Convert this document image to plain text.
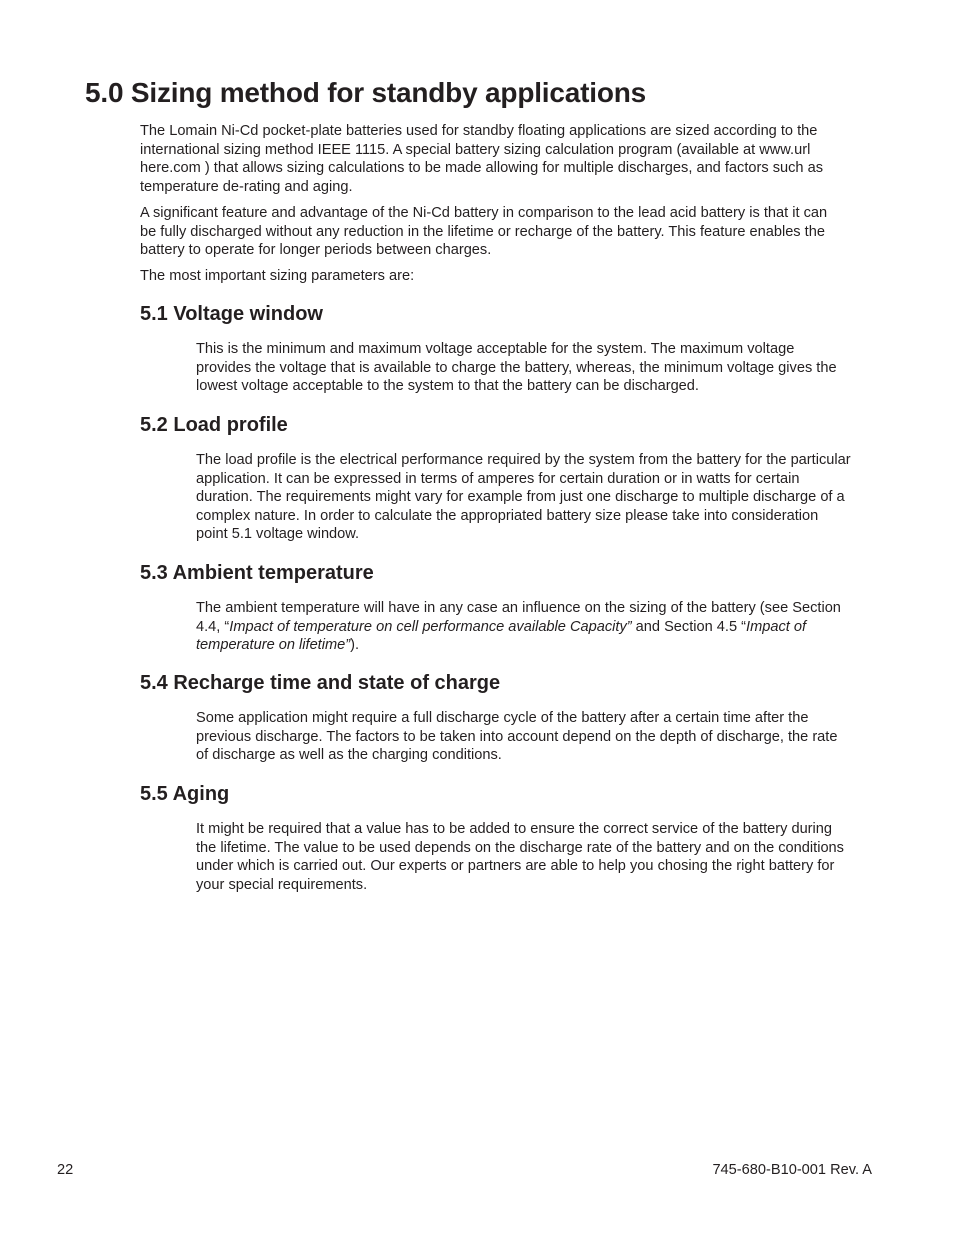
5.0 Sizing method for standby applications

The Lomain Ni-Cd pocket-plate batteries used for standby floating applications are sized according to the international sizing method IEEE 1115. A special battery sizing calculation program (available at www.url here.com ) that allows sizing calculations to be made allowing for multiple discharges, and factors such as temperature de-rating and aging.

A significant feature and advantage of the Ni-Cd battery in comparison to the lead acid battery is that it can be fully discharged without any reduction in the lifetime or recharge of the battery. This feature enables the battery to operate for longer periods between charges.

The most important sizing parameters are:

5.1 Voltage window

This is the minimum and maximum voltage acceptable for the system. The maximum voltage provides the voltage that is available to charge the battery, whereas, the minimum voltage gives the lowest voltage acceptable to the system to that the battery can be discharged.

5.2 Load profile

The load profile is the electrical performance required by the system from the battery for the particular application. It can be expressed in terms of amperes for certain duration or in watts for certain duration. The requirements might vary for example from just one discharge to multiple discharge of a complex nature. In order to calculate the appropriated battery size please take into consideration point 5.1 voltage window.

5.3 Ambient temperature

The ambient temperature will have in any case an influence on the sizing of the battery (see Section 4.4, “Impact of temperature on cell performance available Capacity” and Section 4.5 “Impact of temperature on lifetime”).

5.4 Recharge time and state of charge

Some application might require a full discharge cycle of the battery after a certain time after the previous discharge. The factors to be taken into account depend on the depth of discharge, the rate of discharge as well as the charging conditions.

5.5 Aging

It might be required that a value has to be added to ensure the correct service of the battery during the lifetime. The value to be used depends on the discharge rate of the battery and on the conditions under which is carried out. Our experts or partners are able to help you chosing the right battery for your special requirements.

22	745-680-B10-001 Rev. A
